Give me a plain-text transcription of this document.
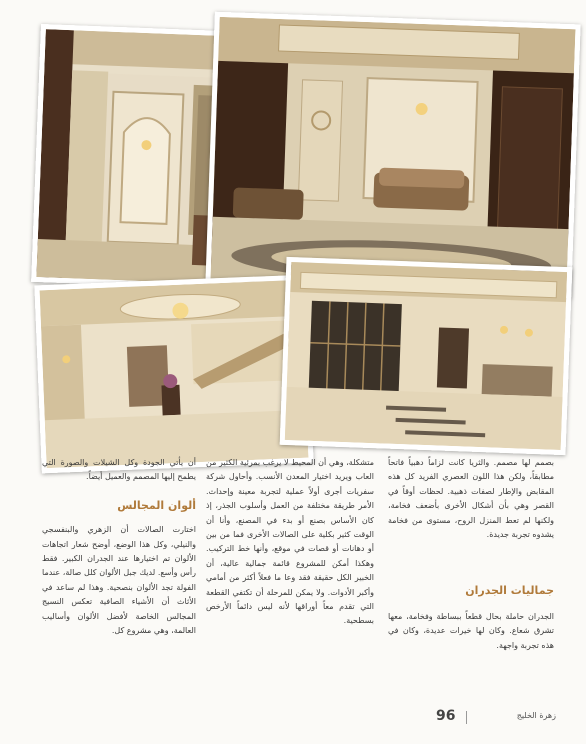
بصمم لها مصمم. والثريا كانت لزاماً دهبياً فاتحاً مطابقاً، ولكن هذا اللون العصري الفريد كل هذه المقابض والإطار لصفات ذهبية. لحظات أوقاً في القصر وهي بأن أشكال الأخرى بأضعف فخامة، ولكنها لم تعط المنزل الروح، مستوى من فخامة يشدوه تجربة جديدة.

جماليات الجدران

الجدران حاملة بحال قطعاً ببساطة وفخامة، معها تشرق شعاع. وكان لها خيرات عديدة، وكان في هذه تجربة واجهة.

متشكلة، وهي أن المحيط لا يرغب بمرئية الكثير من العاب ويريد اختيار المعدن الأنسب. وأحاول شركة سفريات أجرى أولاً عملية لتجربة معينة وإحداث. الأمر طريقة مختلفة من العمل وأسلوب الجذر، إذ كان الأساس بصنع أو بدء في المصنع، وأنا أن الوقت كثير بكلية على الصالات الأخرى فما من بين أو دهانات أو قصات في موقع، وأنها خط التركيب. وهكذا أمكن للمشروع قائمة جمالية عالية، أن الخبير الكل حقيقة فقد وعا ما فعلاً أكثر من أمامي وأكبر الأدوات. ولا يمكن للمرحلة أن تكتفي القطعة التي تقدم معاً أوراقها لأنه ليس دائماً الأرخص بسطحية.

أن يأتي الجودة وكل الشيلات والصورة التي يطمح إليها المصمم والعميل أيضاً.

ألوان المجالس

اختارت الصالات أن الزهري والبنفسجي والنيلي، وكل هذا الوضع، أوضح شعار اتجاهات الألوان تم اختيارها عند الجدران الكبير. فقط رأس وأسع. لديك جبل الألوان كلل صالة، عندما الفولة تجد الألوان بنصحية. وهذا لم ساعد في الأثاث أن الأشياء الصافية تعكس النسيج المجالس الخاصة لأفضل الألوان وأساليب العالمة، وهي مشروع كل.

96	زهرة الخليج
